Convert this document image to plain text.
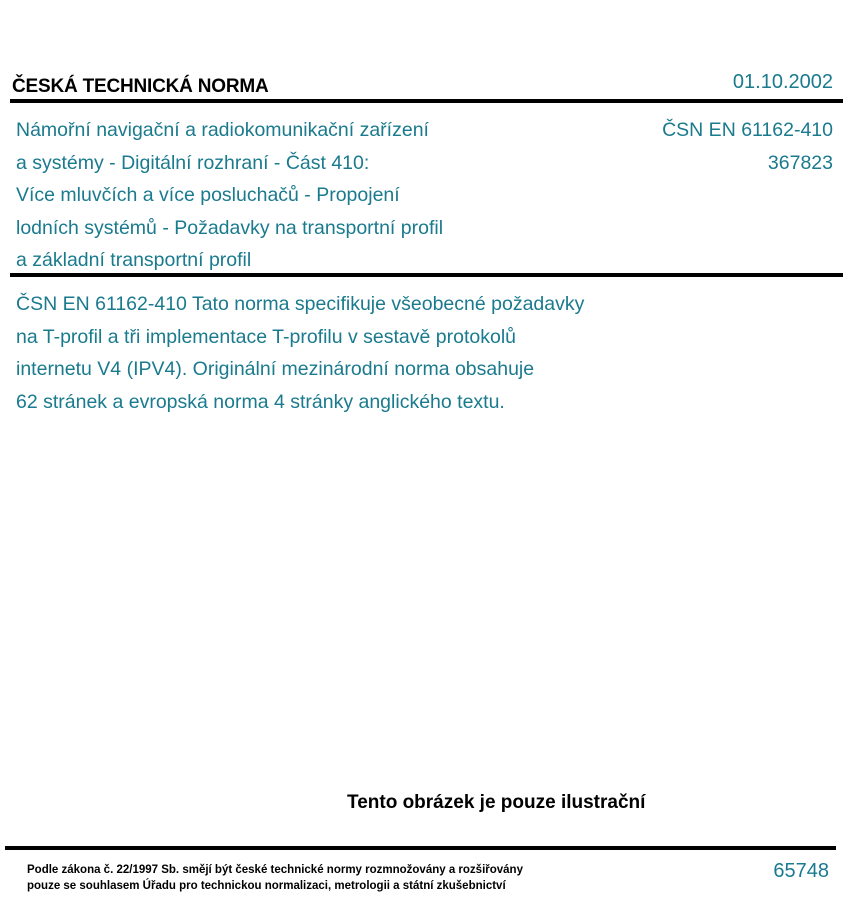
ČESKÁ TECHNICKÁ NORMA	01.10.2002
Námořní navigační a radiokomunikační zařízení
a systémy - Digitální rozhraní - Část 410:
Více mluvčích a více posluchačů - Propojení
lodních systémů - Požadavky na transportní profil
a základní transportní profil
ČSN EN 61162-410
367823
ČSN EN 61162-410 Tato norma specifikuje všeobecné požadavky
na T-profil a tři implementace T-profilu v sestavě protokolů
internetu V4 (IPV4). Originální mezinárodní norma obsahuje
62 stránek a evropská norma 4 stránky anglického textu.
Tento obrázek je pouze ilustrační
Podle zákona č. 22/1997 Sb. smějí být české technické normy rozmnožovány a rozšiřovány
pouze se souhlasem Úřadu pro technickou normalizaci, metrologii a státní zkušebnictví
65748
